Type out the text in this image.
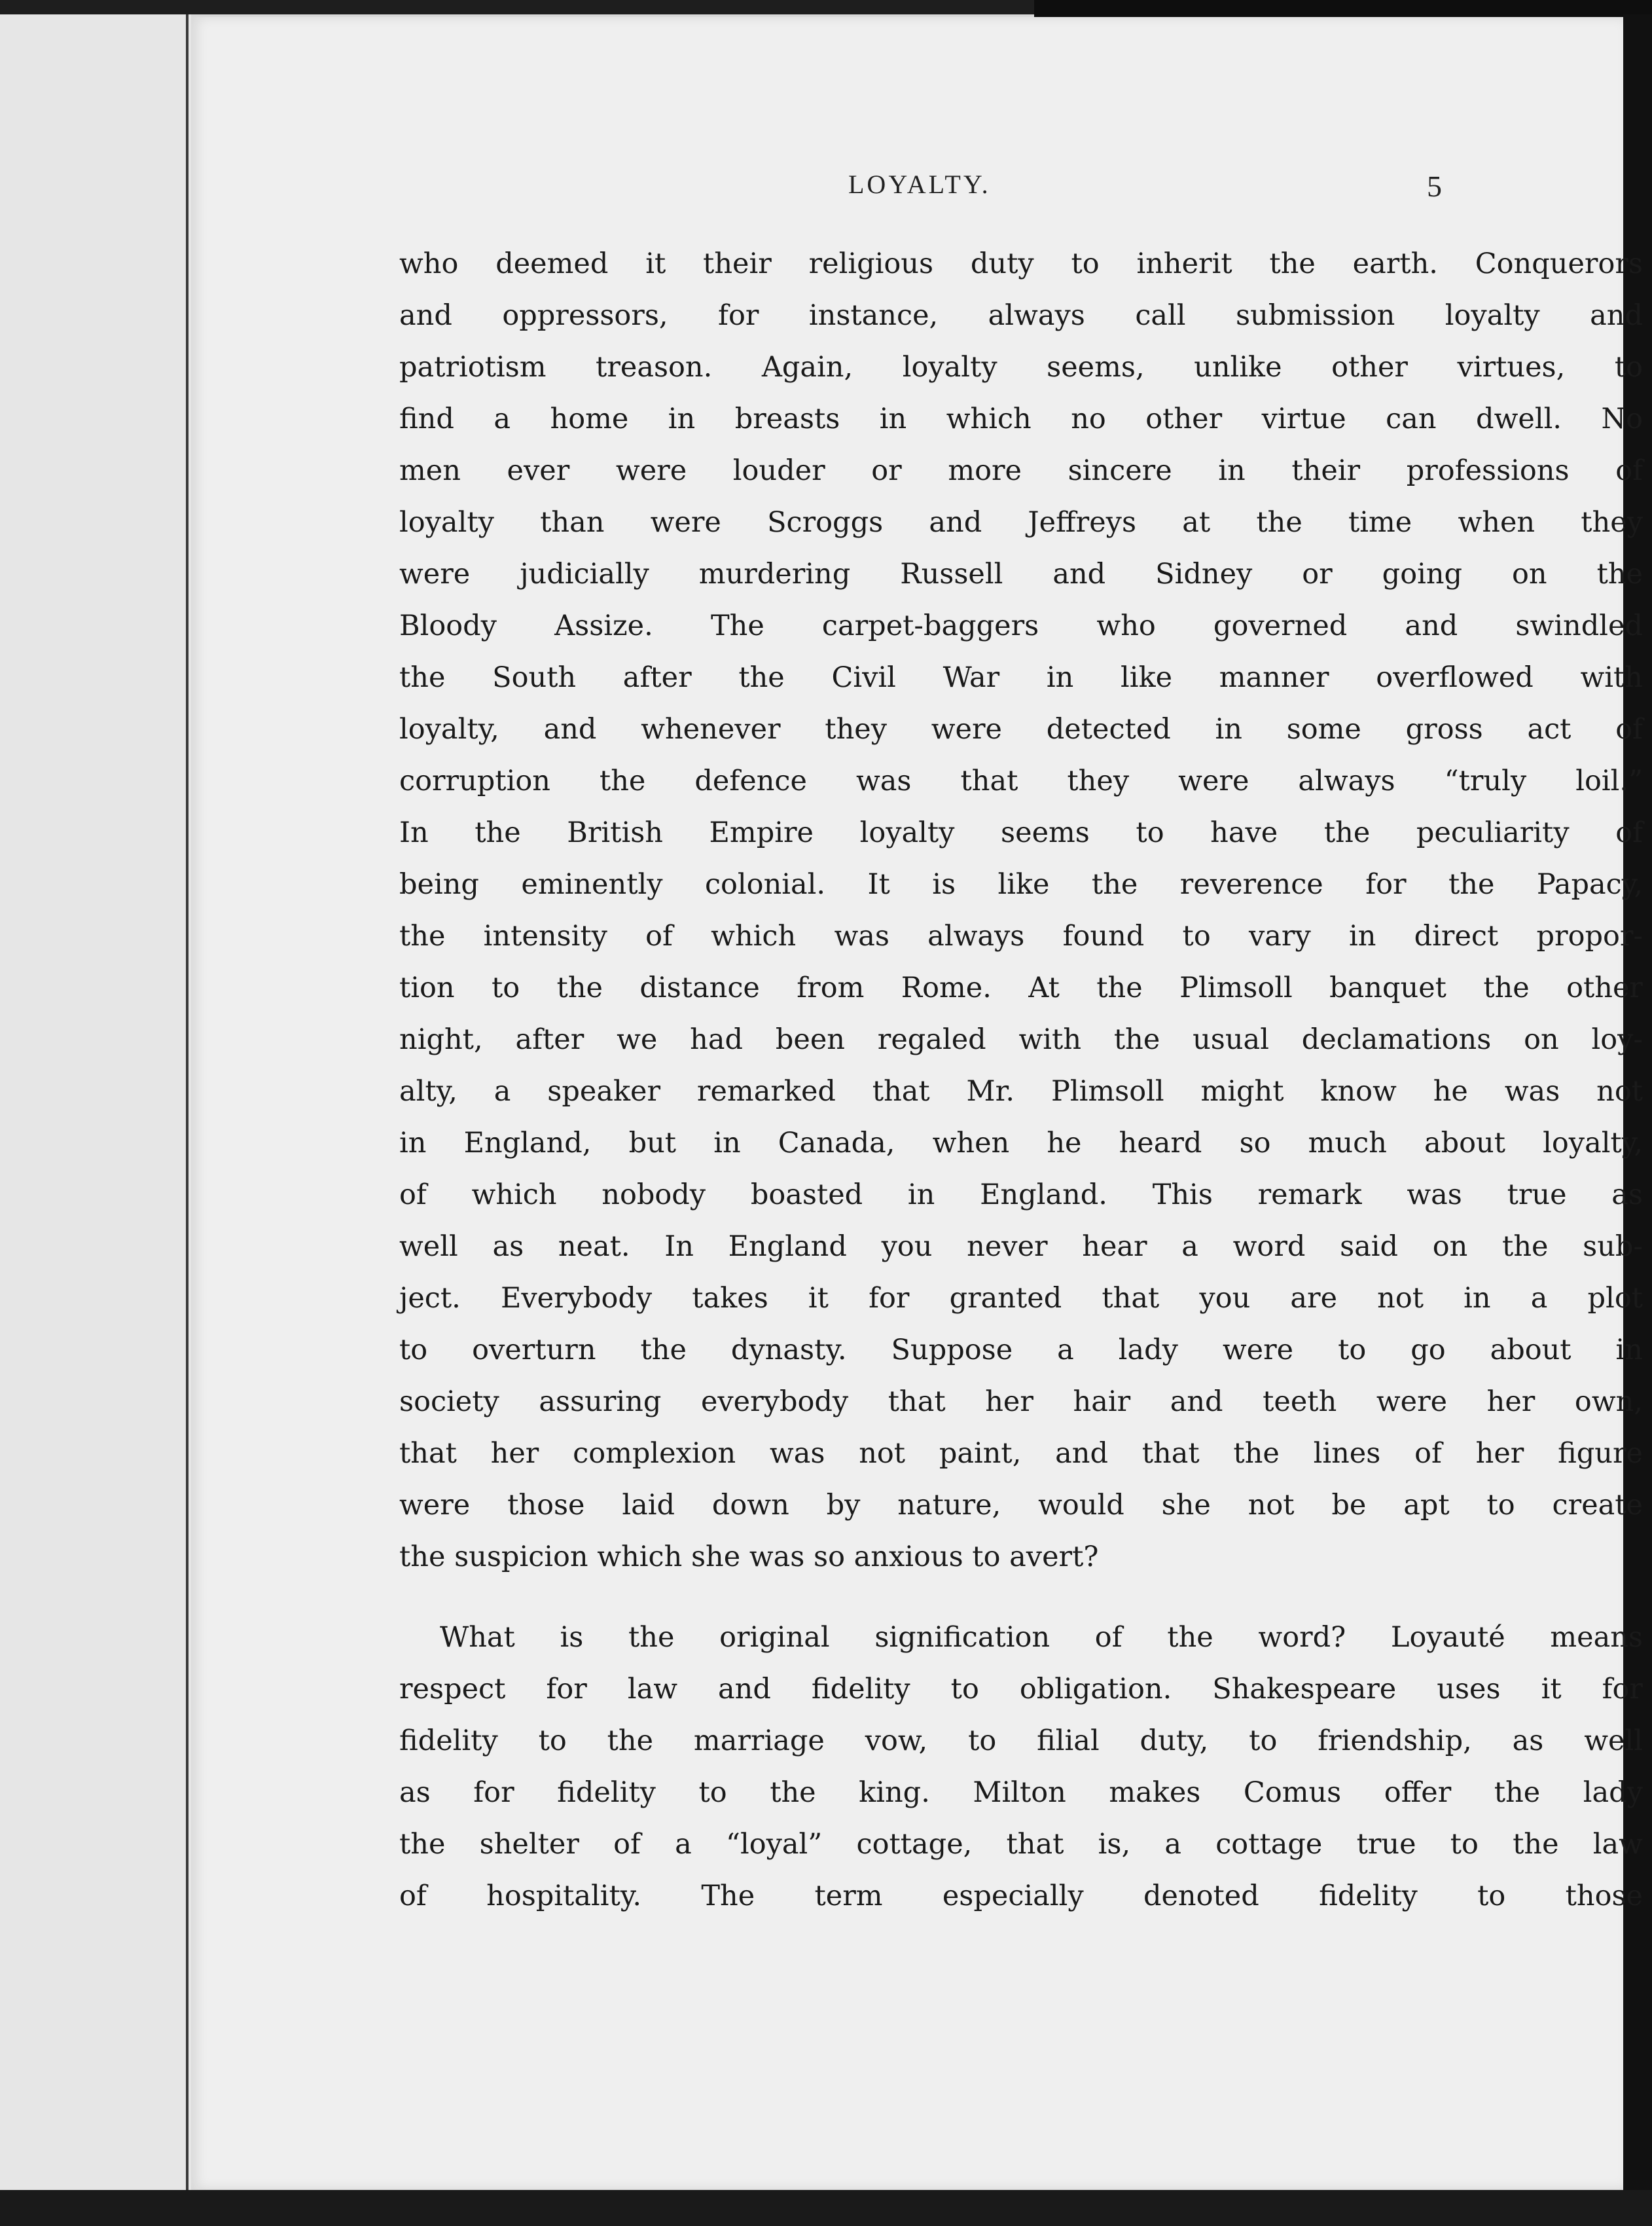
LOYALTY.	5
who deemed it their religious duty to inherit the earth. Conquerors
and oppressors, for instance, always call submission loyalty and
patriotism treason. Again, loyalty seems, unlike other virtues, to
find a home in breasts in which no other virtue can dwell. No
men ever were louder or more sincere in their professions of
loyalty than were Scroggs and Jeffreys at the time when they
were judicially murdering Russell and Sidney or going on the
Bloody Assize. The carpet-baggers who governed and swindled
the South after the Civil War in like manner overflowed with
loyalty, and whenever they were detected in some gross act of
corruption the defence was that they were always “truly loil.”
In the British Empire loyalty seems to have the peculiarity of
being eminently colonial. It is like the reverence for the Papacy,
the intensity of which was always found to vary in direct propor-
tion to the distance from Rome. At the Plimsoll banquet the other
night, after we had been regaled with the usual declamations on loy-
alty, a speaker remarked that Mr. Plimsoll might know he was not
in England, but in Canada, when he heard so much about loyalty,
of which nobody boasted in England. This remark was true as
well as neat. In England you never hear a word said on the sub-
ject. Everybody takes it for granted that you are not in a plot
to overturn the dynasty. Suppose a lady were to go about in
society assuring everybody that her hair and teeth were her own,
that her complexion was not paint, and that the lines of her figure
were those laid down by nature, would she not be apt to create
the suspicion which she was so anxious to avert?
What is the original signification of the word? Loyauté means
respect for law and fidelity to obligation. Shakespeare uses it for
fidelity to the marriage vow, to filial duty, to friendship, as well
as for fidelity to the king. Milton makes Comus offer the lady
the shelter of a “loyal” cottage, that is, a cottage true to the law
of hospitality. The term especially denoted fidelity to those
